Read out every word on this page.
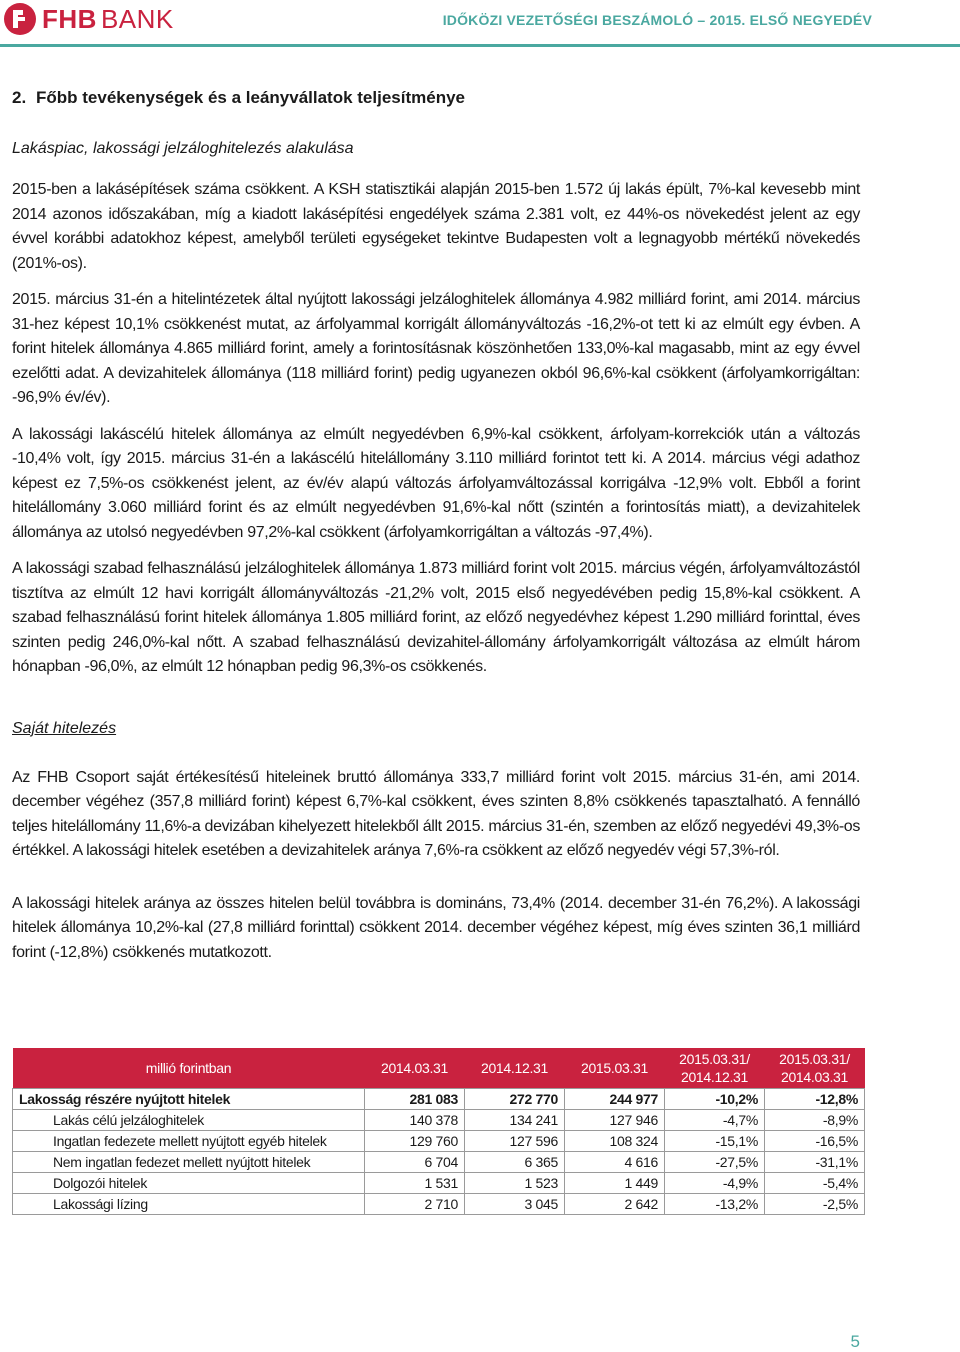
FHB BANK	IDŐKÖZI VEZETŐSÉGI BESZÁMOLÓ – 2015. ELSŐ NEGYEDÉV
2. Főbb tevékenységek és a leányvállatok teljesítménye
Lakáspiac, lakossági jelzáloghitelezés alakulása

2015-ben a lakásépítések száma csökkent. A KSH statisztikái alapján 2015-ben 1.572 új lakás épült, 7%-kal kevesebb mint 2014 azonos időszakában, míg a kiadott lakásépítési engedélyek száma 2.381 volt, ez 44%-os növekedést jelent az egy évvel korábbi adatokhoz képest, amelyből területi egységeket tekintve Budapesten volt a legnagyobb mértékű növekedés (201%-os).

2015. március 31-én a hitelintézetek által nyújtott lakossági jelzáloghitelek állománya 4.982 milliárd forint, ami 2014. március 31-hez képest 10,1% csökkenést mutat, az árfolyammal korrigált állományváltozás -16,2%-ot tett ki az elmúlt egy évben. A forint hitelek állománya 4.865 milliárd forint, amely a forintosításnak köszönhetően 133,0%-kal magasabb, mint az egy évvel ezelőtti adat. A devizahitelek állománya (118 milliárd forint) pedig ugyanezen okból 96,6%-kal csökkent (árfolyamkorrigáltan: -96,9% év/év).

A lakossági lakáscélú hitelek állománya az elmúlt negyedévben 6,9%-kal csökkent, árfolyam-korrekciók után a változás -10,4% volt, így 2015. március 31-én a lakáscélú hitelállomány 3.110 milliárd forintot tett ki. A 2014. március végi adathoz képest ez 7,5%-os csökkenést jelent, az év/év alapú változás árfolyamváltozással korrigálva -12,9% volt. Ebből a forint hitelállomány 3.060 milliárd forint és az elmúlt negyedévben 91,6%-kal nőtt (szintén a forintosítás miatt), a devizahitelek állománya az utolsó negyedévben 97,2%-kal csökkent (árfolyamkorrigáltan a változás -97,4%).

A lakossági szabad felhasználású jelzáloghitelek állománya 1.873 milliárd forint volt 2015. március végén, árfolyamváltozástól tisztítva az elmúlt 12 havi korrigált állományváltozás -21,2% volt, 2015 első negyedévében pedig 15,8%-kal csökkent. A szabad felhasználású forint hitelek állománya 1.805 milliárd forint, az előző negyedévhez képest 1.290 milliárd forinttal, éves szinten pedig 246,0%-kal nőtt. A szabad felhasználású devizahitel-állomány árfolyamkorrigált változása az elmúlt három hónapban -96,0%, az elmúlt 12 hónapban pedig 96,3%-os csökkenés.

Saját hitelezés

Az FHB Csoport saját értékesítésű hiteleinek bruttó állománya 333,7 milliárd forint volt 2015. március 31-én, ami 2014. december végéhez (357,8 milliárd forint) képest 6,7%-kal csökkent, éves szinten 8,8% csökkenés tapasztalható. A fennálló teljes hitelállomány 11,6%-a devizában kihelyezett hitelekből állt 2015. március 31-én, szemben az előző negyedévi 49,3%-os értékkel. A lakossági hitelek esetében a devizahitelek aránya 7,6%-ra csökkent az előző negyedév végi 57,3%-ról.

A lakossági hitelek aránya az összes hitelen belül továbbra is domináns, 73,4% (2014. december 31-én 76,2%). A lakossági hitelek állománya 10,2%-kal (27,8 milliárd forinttal) csökkent 2014. december végéhez képest, míg éves szinten 36,1 milliárd forint (-12,8%) csökkenés mutatkozott.

millió forintban	2014.03.31	2014.12.31	2015.03.31	2015.03.31/ 2014.12.31	2015.03.31/ 2014.03.31
Lakosság részére nyújtott hitelek	281 083	272 770	244 977	-10,2%	-12,8%
Lakás célú jelzáloghitelek	140 378	134 241	127 946	-4,7%	-8,9%
Ingatlan fedezete mellett nyújtott egyéb hitelek	129 760	127 596	108 324	-15,1%	-16,5%
Nem ingatlan fedezet mellett nyújtott hitelek	6 704	6 365	4 616	-27,5%	-31,1%
Dolgozói hitelek	1 531	1 523	1 449	-4,9%	-5,4%
Lakossági lízing	2 710	3 045	2 642	-13,2%	-2,5%
5
